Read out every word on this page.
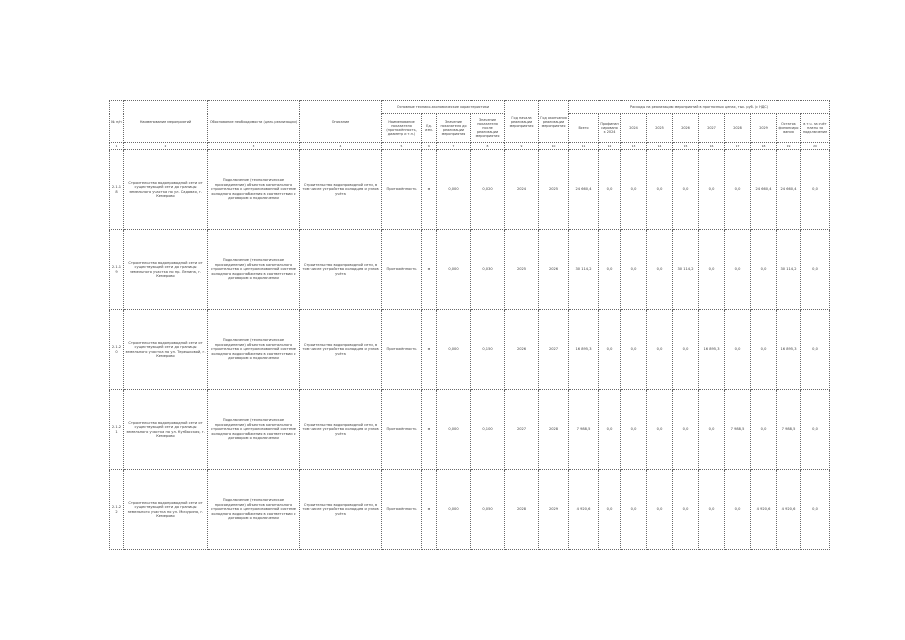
№ п/п	Наименование мероприятий	Обоснование необходимости (цель реализации)	Описание	Основные технико-экономические характеристики				Год начала реализации мероприятия	Год окончания реализации мероприятия	Расходы на реализацию мероприятий в прогнозных ценах, тыс. руб. (с НДС)									
				Наименование показателя (протяжённость, диаметр и т.п.)	Ед. изм.	Значение показателя до реализации мероприятия	Значение показателя после реализации мероприятия			Всего	Профинансировано к 2024	2024	2025	2026	2027	2028	2029	Остаток финансирования	в т.ч. за счёт платы за подключение
1	2	3	4	5	6	7	8	9	10	11	12	13	14	15	16	17	18	19	20
2.1.18	Строительство водопроводной сети от существующей сети до границы земельного участка по ул. Садовая, г. Кемерово	Подключение (технологическое присоединение) объектов капитального строительства к централизованной системе холодного водоснабжения в соответствии с договором о подключении	Строительство водопроводной сети, в том числе устройство колодцев и узлов учёта	Протяжённость	м	0,000	0,020	2024	2025	24 660,4	0,0	0,0	0,0	0,0	0,0	0,0	24 660,4	24 660,4	0,0
2.1.19	Строительство водопроводной сети от существующей сети до границы земельного участка по пр. Ленина, г. Кемерово	Подключение (технологическое присоединение) объектов капитального строительства к централизованной системе холодного водоснабжения в соответствии с договором о подключении	Строительство водопроводной сети, в том числе устройство колодцев и узлов учёта	Протяжённость	м	0,000	0,030	2025	2026	30 114,2	0,0	0,0	0,0	30 114,2	0,0	0,0	0,0	30 114,2	0,0
2.1.20	Строительство водопроводной сети от существующей сети до границы земельного участка по ул. Терешковой, г. Кемерово	Подключение (технологическое присоединение) объектов капитального строительства к централизованной системе холодного водоснабжения в соответствии с договором о подключении	Строительство водопроводной сети, в том числе устройство колодцев и узлов учёта	Протяжённость	м	0,000	0,150	2026	2027	16 895,3	0,0	0,0	0,0	0,0	16 895,3	0,0	0,0	16 895,3	0,0
2.1.21	Строительство водопроводной сети от существующей сети до границы земельного участка по ул. Кузбасская, г. Кемерово	Подключение (технологическое присоединение) объектов капитального строительства к централизованной системе холодного водоснабжения в соответствии с договором о подключении	Строительство водопроводной сети, в том числе устройство колодцев и узлов учёта	Протяжённость	м	0,000	0,100	2027	2028	7 988,5	0,0	0,0	0,0	0,0	0,0	7 988,5	0,0	7 988,5	0,0
2.1.22	Строительство водопроводной сети от существующей сети до границы земельного участка по ул. Мичурина, г. Кемерово	Подключение (технологическое присоединение) объектов капитального строительства к централизованной системе холодного водоснабжения в соответствии с договором о подключении	Строительство водопроводной сети, в том числе устройство колодцев и узлов учёта	Протяжённость	м	0,000	0,050	2028	2029	4 920,6	0,0	0,0	0,0	0,0	0,0	0,0	4 920,6	4 920,6	0,0
